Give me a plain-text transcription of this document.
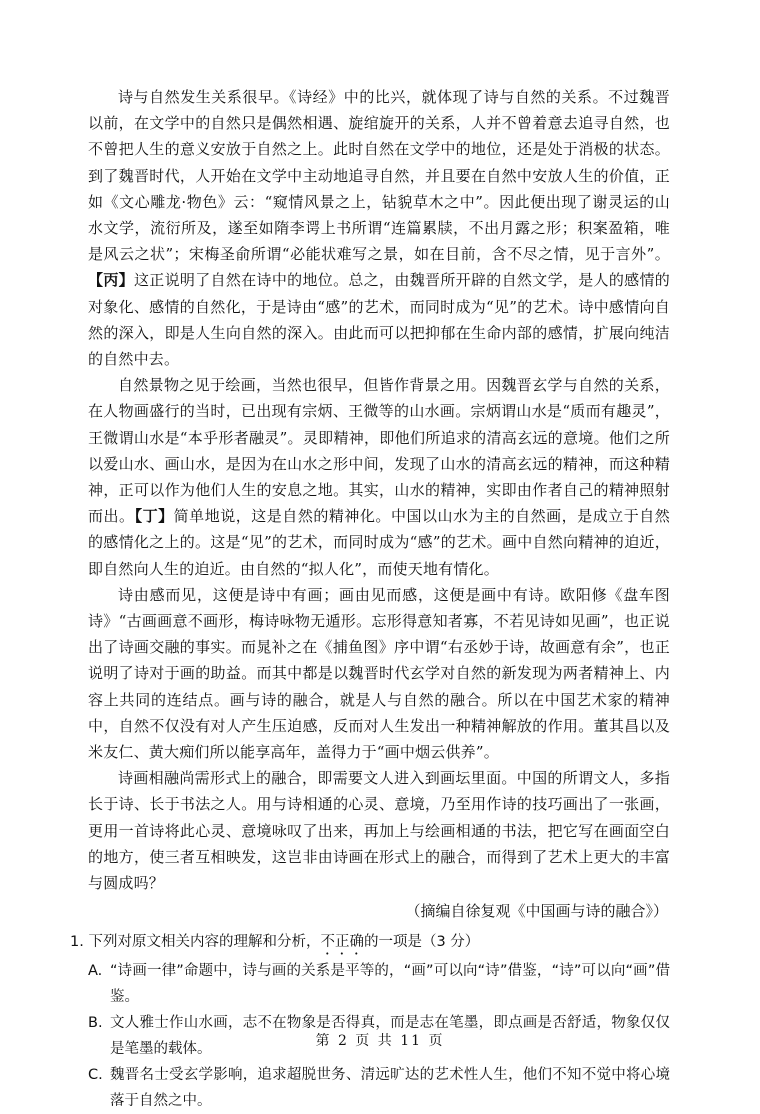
诗与自然发生关系很早。《诗经》中的比兴，就体现了诗与自然的关系。不过魏晋以前，在文学中的自然只是偶然相遇、旋绾旋开的关系，人并不曾着意去追寻自然，也不曾把人生的意义安放于自然之上。此时自然在文学中的地位，还是处于消极的状态。到了魏晋时代，人开始在文学中主动地追寻自然，并且要在自然中安放人生的价值，正如《文心雕龙·物色》云：“窥情风景之上，钻貌草木之中”。因此便出现了谢灵运的山水文学，流衍所及，遂至如隋李谔上书所谓“连篇累牍，不出月露之形；积案盈箱，唯是风云之状”；宋梅圣俞所谓“必能状难写之景，如在目前，含不尽之情，见于言外”。【丙】这正说明了自然在诗中的地位。总之，由魏晋所开辟的自然文学，是人的感情的对象化、感情的自然化，于是诗由“感”的艺术，而同时成为“见”的艺术。诗中感情向自然的深入，即是人生向自然的深入。由此而可以把抑郁在生命内部的感情，扩展向纯洁的自然中去。

自然景物之见于绘画，当然也很早，但皆作背景之用。因魏晋玄学与自然的关系，在人物画盛行的当时，已出现有宗炳、王微等的山水画。宗炳谓山水是“质而有趣灵”，王微谓山水是“本乎形者融灵”。灵即精神，即他们所追求的清高玄远的意境。他们之所以爱山水、画山水，是因为在山水之形中间，发现了山水的清高玄远的精神，而这种精神，正可以作为他们人生的安息之地。其实，山水的精神，实即由作者自己的精神照射而出。【丁】简单地说，这是自然的精神化。中国以山水为主的自然画，是成立于自然的感情化之上的。这是“见”的艺术，而同时成为“感”的艺术。画中自然向精神的迫近，即自然向人生的迫近。由自然的“拟人化”，而使天地有情化。

诗由感而见，这便是诗中有画；画由见而感，这便是画中有诗。欧阳修《盘车图诗》“古画画意不画形，梅诗咏物无遁形。忘形得意知者寡，不若见诗如见画”，也正说出了诗画交融的事实。而晁补之在《捕鱼图》序中谓“右丞妙于诗，故画意有余”，也正说明了诗对于画的助益。而其中都是以魏晋时代玄学对自然的新发现为两者精神上、内容上共同的连结点。画与诗的融合，就是人与自然的融合。所以在中国艺术家的精神中，自然不仅没有对人产生压迫感，反而对人生发出一种精神解放的作用。董其昌以及米友仁、黄大痴们所以能享高年，盖得力于“画中烟云供养”。

诗画相融尚需形式上的融合，即需要文人进入到画坛里面。中国的所谓文人，多指长于诗、长于书法之人。用与诗相通的心灵、意境，乃至用作诗的技巧画出了一张画，更用一首诗将此心灵、意境咏叹了出来，再加上与绘画相通的书法，把它写在画面空白的地方，使三者互相映发，这岂非由诗画在形式上的融合，而得到了艺术上更大的丰富与圆成吗？

（摘编自徐复观《中国画与诗的融合》）

1. 下列对原文相关内容的理解和分析，不正确的一项是（3 分）

A. “诗画一律”命题中，诗与画的关系是平等的，“画”可以向“诗”借鉴，“诗”可以向“画”借鉴。
B. 文人雅士作山水画，志不在物象是否得真，而是志在笔墨，即点画是否舒适，物象仅仅是笔墨的载体。
C. 魏晋名士受玄学影响，追求超脱世务、清远旷达的艺术性人生，他们不知不觉中将心境落于自然之中。
第 2 页 共 11 页
